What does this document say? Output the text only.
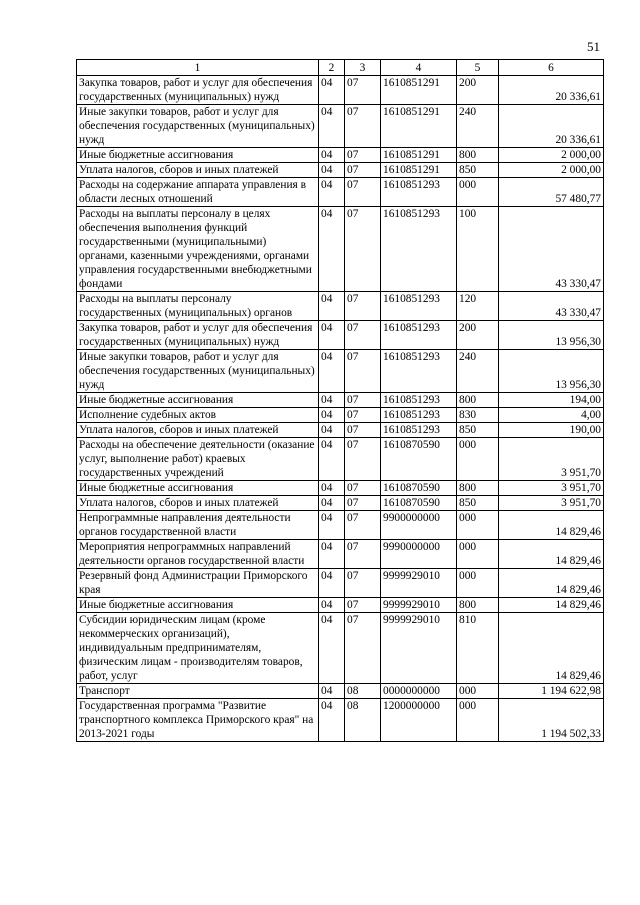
51
1	2	3	4	5	6
Закупка товаров, работ и услуг для обеспечения государственных (муниципальных) нужд	04	07	1610851291	200	20 336,61
Иные закупки товаров, работ и услуг для обеспечения государственных (муниципальных) нужд	04	07	1610851291	240	20 336,61
Иные бюджетные ассигнования	04	07	1610851291	800	2 000,00
Уплата налогов, сборов и иных платежей	04	07	1610851291	850	2 000,00
Расходы на содержание аппарата управления в области лесных отношений	04	07	1610851293	000	57 480,77
Расходы на выплаты персоналу в целях обеспечения выполнения функций государственными (муниципальными) органами, казенными учреждениями, органами управления государственными внебюджетными фондами	04	07	1610851293	100	43 330,47
Расходы на выплаты персоналу государственных (муниципальных) органов	04	07	1610851293	120	43 330,47
Закупка товаров, работ и услуг для обеспечения государственных (муниципальных) нужд	04	07	1610851293	200	13 956,30
Иные закупки товаров, работ и услуг для обеспечения государственных (муниципальных) нужд	04	07	1610851293	240	13 956,30
Иные бюджетные ассигнования	04	07	1610851293	800	194,00
Исполнение судебных актов	04	07	1610851293	830	4,00
Уплата налогов, сборов и иных платежей	04	07	1610851293	850	190,00
Расходы на обеспечение деятельности (оказание услуг, выполнение работ) краевых государственных учреждений	04	07	1610870590	000	3 951,70
Иные бюджетные ассигнования	04	07	1610870590	800	3 951,70
Уплата налогов, сборов и иных платежей	04	07	1610870590	850	3 951,70
Непрограммные направления деятельности органов государственной власти	04	07	9900000000	000	14 829,46
Мероприятия непрограммных направлений деятельности органов государственной власти	04	07	9990000000	000	14 829,46
Резервный фонд Администрации Приморского края	04	07	9999929010	000	14 829,46
Иные бюджетные ассигнования	04	07	9999929010	800	14 829,46
Субсидии юридическим лицам (кроме некоммерческих организаций), индивидуальным предпринимателям, физическим лицам - производителям товаров, работ, услуг	04	07	9999929010	810	14 829,46
Транспорт	04	08	0000000000	000	1 194 622,98
Государственная программа "Развитие транспортного комплекса Приморского края" на 2013-2021 годы	04	08	1200000000	000	1 194 502,33
